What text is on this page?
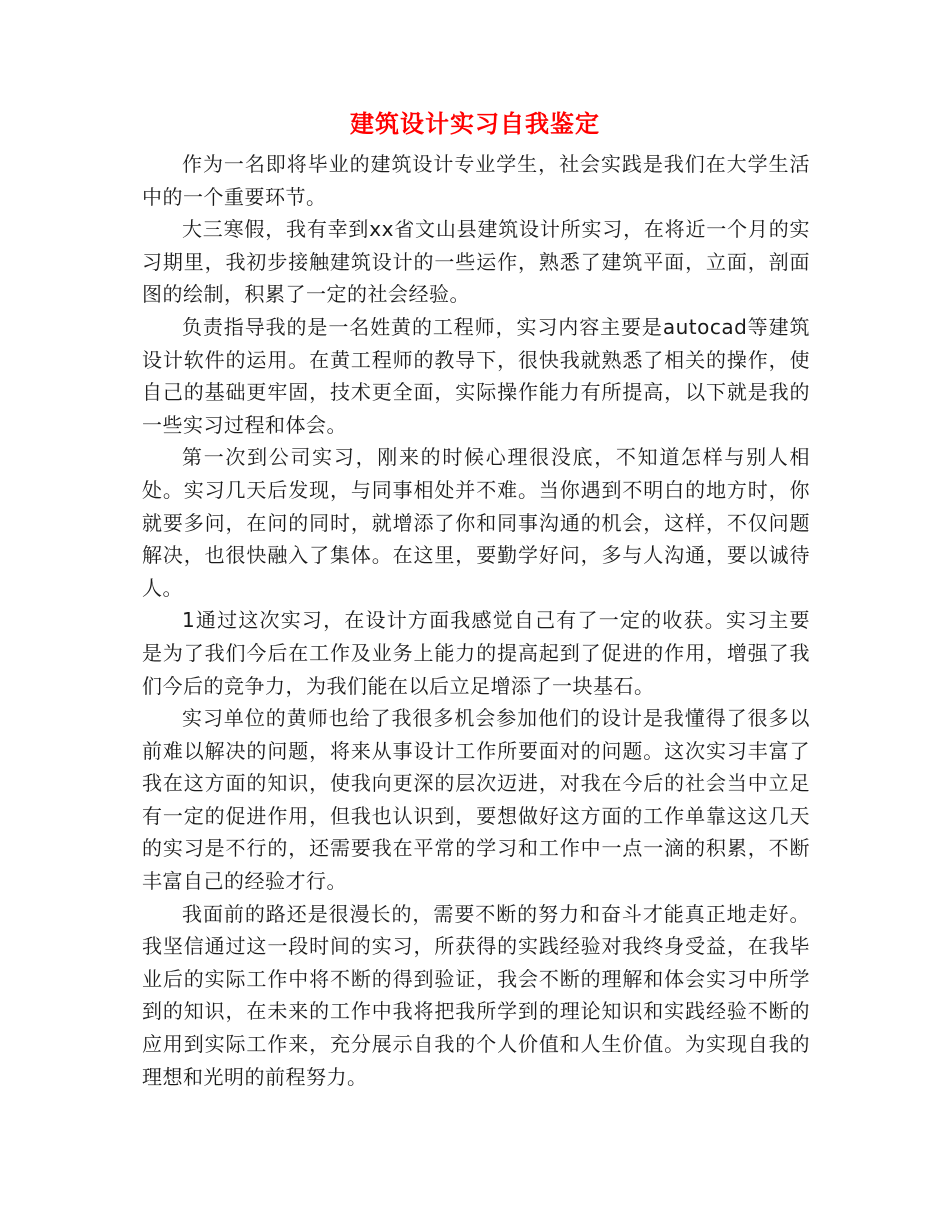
建筑设计实习自我鉴定

作为一名即将毕业的建筑设计专业学生，社会实践是我们在大学生活中的一个重要环节。

大三寒假，我有幸到xx省文山县建筑设计所实习，在将近一个月的实习期里，我初步接触建筑设计的一些运作，熟悉了建筑平面，立面，剖面图的绘制，积累了一定的社会经验。

负责指导我的是一名姓黄的工程师，实习内容主要是autocad等建筑设计软件的运用。在黄工程师的教导下，很快我就熟悉了相关的操作，使自己的基础更牢固，技术更全面，实际操作能力有所提高，以下就是我的一些实习过程和体会。

第一次到公司实习，刚来的时候心理很没底，不知道怎样与别人相处。实习几天后发现，与同事相处并不难。当你遇到不明白的地方时，你就要多问，在问的同时，就增添了你和同事沟通的机会，这样，不仅问题解决，也很快融入了集体。在这里，要勤学好问，多与人沟通，要以诚待人。

1通过这次实习，在设计方面我感觉自己有了一定的收获。实习主要是为了我们今后在工作及业务上能力的提高起到了促进的作用，增强了我们今后的竞争力，为我们能在以后立足增添了一块基石。

实习单位的黄师也给了我很多机会参加他们的设计是我懂得了很多以前难以解决的问题，将来从事设计工作所要面对的问题。这次实习丰富了我在这方面的知识，使我向更深的层次迈进，对我在今后的社会当中立足有一定的促进作用，但我也认识到，要想做好这方面的工作单靠这这几天的实习是不行的，还需要我在平常的学习和工作中一点一滴的积累，不断丰富自己的经验才行。

我面前的路还是很漫长的，需要不断的努力和奋斗才能真正地走好。我坚信通过这一段时间的实习，所获得的实践经验对我终身受益，在我毕业后的实际工作中将不断的得到验证，我会不断的理解和体会实习中所学到的知识，在未来的工作中我将把我所学到的理论知识和实践经验不断的应用到实际工作来，充分展示自我的个人价值和人生价值。为实现自我的理想和光明的前程努力。
